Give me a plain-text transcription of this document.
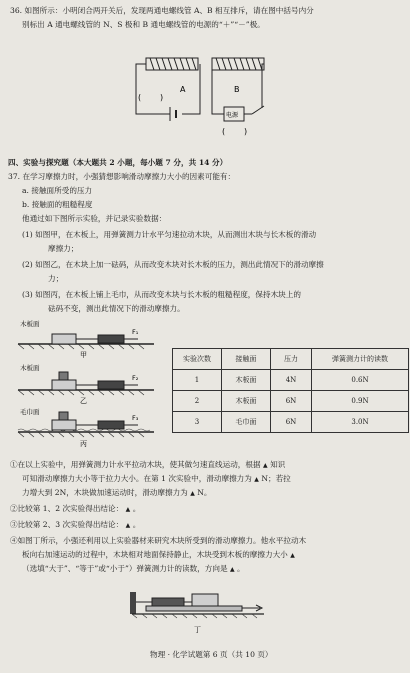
36. 如图所示：小明闭合两开关后，发现两通电螺线管 A、B 相互排斥，请在图中括号内分
别标出 A 通电螺线管的 N、S 极和 B 通电螺线管的电源的“＋”“－”极。
A	B
电源
( )
( )
四、实验与探究题（本大题共 2 小题，每小题 7 分，共 14 分）
37. 在学习摩擦力时，小强猜想影响滑动摩擦力大小的因素可能有：
a. 接触面所受的压力
b. 接触面的粗糙程度
他通过如下图所示实验，并记录实验数据：
(1) 如图甲，在木板上，用弹簧测力计水平匀速拉动木块，从而测出木块与长木板的滑动
摩擦力；
(2) 如图乙，在木块上加一砝码，从而改变木块对长木板的压力，测出此情况下的滑动摩擦
力；
(3) 如图丙，在木板上铺上毛巾，从而改变木块与长木板的粗糙程度，保持木块上的
砝码不变，测出此情况下的滑动摩擦力。
木板面
F₁
甲
木板面
F₂
乙
毛巾面
F₃
丙
实验次数	接触面	压力	弹簧测力计的读数
1	木板面	4N	0.6N
2	木板面	6N	0.9N
3	毛巾面	6N	3.0N
①在以上实验中，用弹簧测力计水平拉动木块，使其做匀速直线运动，根据 ▲ 知识
可知滑动摩擦力大小等于拉力大小。在第 1 次实验中，滑动摩擦力为 ▲ N；若拉
力增大到 2N，木块做加速运动时，滑动摩擦力为 ▲ N。
②比较第 1、2 次实验得出结论： ▲ 。
③比较第 2、3 次实验得出结论： ▲ 。
④如图丁所示，小强还利用以上实验器材来研究木块所受到的滑动摩擦力。他水平拉动木
板向右加速运动的过程中，木块相对地面保持静止，木块受到木板的摩擦力大小 ▲
（选填“大于”、“等于”或“小于”）弹簧测力计的读数，方向是 ▲ 。
丁
物理 · 化学试题第 6 页（共 10 页）
